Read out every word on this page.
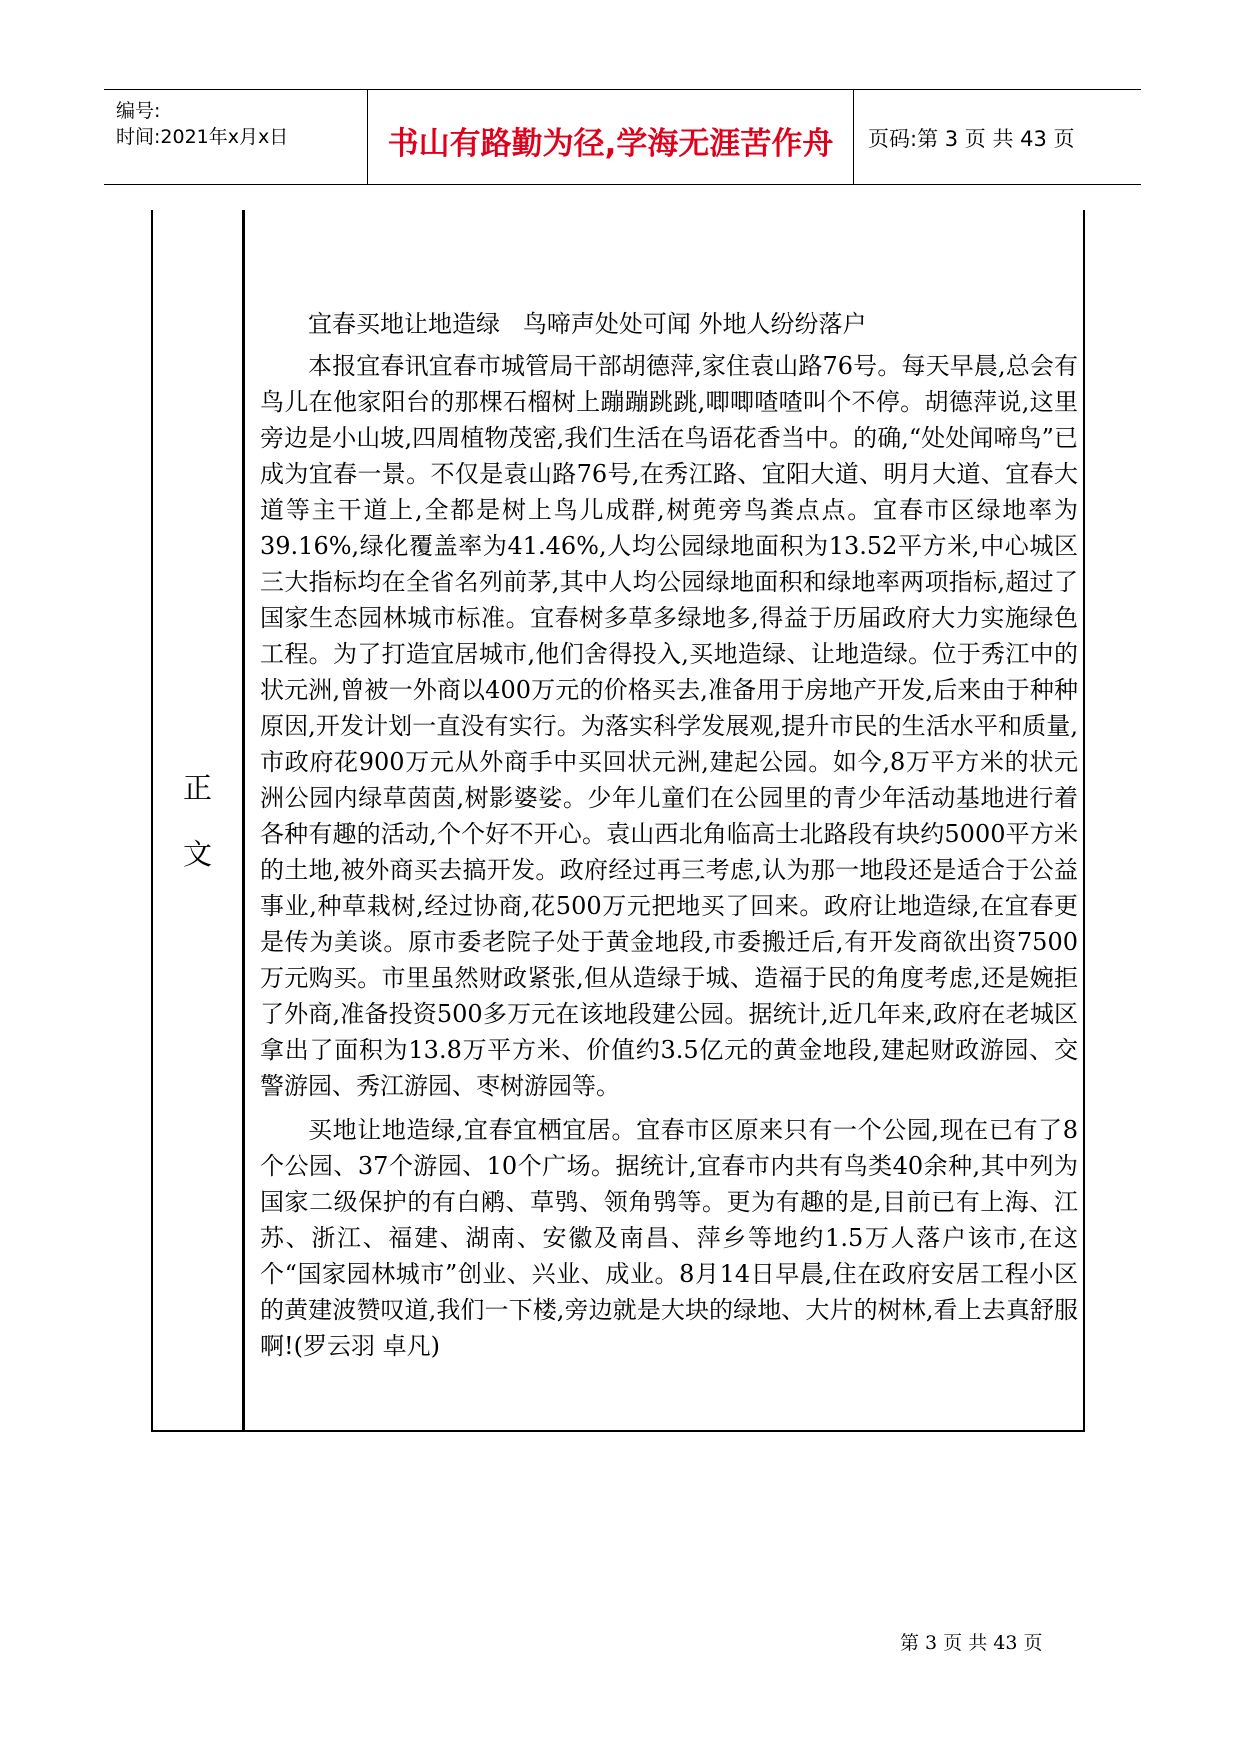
编号:
时间:2021年x月x日	书山有路勤为径,学海无涯苦作舟	页码:第 3 页 共 43 页
正
文

宜春买地让地造绿   鸟啼声处处可闻 外地人纷纷落户

本报宜春讯宜春市城管局干部胡德萍,家住袁山路76号。每天早晨,总会有鸟儿在他家阳台的那棵石榴树上蹦蹦跳跳,唧唧喳喳叫个不停。胡德萍说,这里旁边是小山坡,四周植物茂密,我们生活在鸟语花香当中。的确,“处处闻啼鸟”已成为宜春一景。不仅是袁山路76号,在秀江路、宜阳大道、明月大道、宜春大道等主干道上,全都是树上鸟儿成群,树蔸旁鸟粪点点。宜春市区绿地率为39.16%,绿化覆盖率为41.46%,人均公园绿地面积为13.52平方米,中心城区三大指标均在全省名列前茅,其中人均公园绿地面积和绿地率两项指标,超过了国家生态园林城市标准。宜春树多草多绿地多,得益于历届政府大力实施绿色工程。为了打造宜居城市,他们舍得投入,买地造绿、让地造绿。位于秀江中的状元洲,曾被一外商以400万元的价格买去,准备用于房地产开发,后来由于种种原因,开发计划一直没有实行。为落实科学发展观,提升市民的生活水平和质量,市政府花900万元从外商手中买回状元洲,建起公园。如今,8万平方米的状元洲公园内绿草茵茵,树影婆娑。少年儿童们在公园里的青少年活动基地进行着各种有趣的活动,个个好不开心。袁山西北角临高士北路段有块约5000平方米的土地,被外商买去搞开发。政府经过再三考虑,认为那一地段还是适合于公益事业,种草栽树,经过协商,花500万元把地买了回来。政府让地造绿,在宜春更是传为美谈。原市委老院子处于黄金地段,市委搬迁后,有开发商欲出资7500万元购买。市里虽然财政紧张,但从造绿于城、造福于民的角度考虑,还是婉拒了外商,准备投资500多万元在该地段建公园。据统计,近几年来,政府在老城区拿出了面积为13.8万平方米、价值约3.5亿元的黄金地段,建起财政游园、交警游园、秀江游园、枣树游园等。

买地让地造绿,宜春宜栖宜居。宜春市区原来只有一个公园,现在已有了8个公园、37个游园、10个广场。据统计,宜春市内共有鸟类40余种,其中列为国家二级保护的有白鹇、草鸮、领角鸮等。更为有趣的是,目前已有上海、江苏、浙江、福建、湖南、安徽及南昌、萍乡等地约1.5万人落户该市,在这个“国家园林城市”创业、兴业、成业。8月14日早晨,住在政府安居工程小区的黄建波赞叹道,我们一下楼,旁边就是大块的绿地、大片的树林,看上去真舒服啊!(罗云羽 卓凡)

第 3 页 共 43 页
